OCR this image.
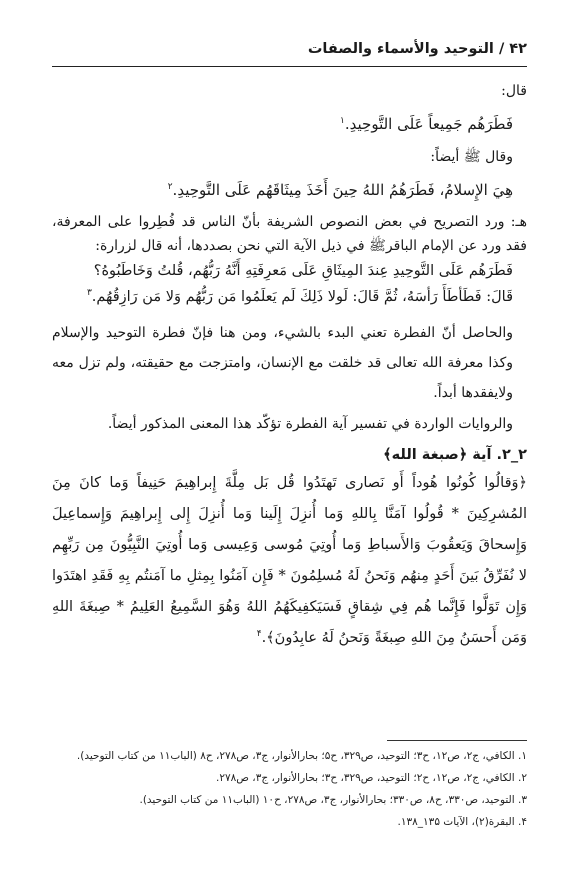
۴۲ / التوحيد والأسماء والصفات

قال:

فَطَرَهُم جَمِيعاً عَلَى التَّوحِيدِ.$^۱$

وقال ﷺ أيضاً:

هِيَ الإِسلامُ، فَطَرَهُمُ اللهُ حِينَ أَخَذَ مِيثَاقَهُم عَلَى التَّوحِيدِ.$^۲$

هـ: ورد التصريح في بعض النصوص الشريفة بأنّ الناس قد فُطِروا على المعرفة، فقد ورد عن الإمام الباقرﷺ في ذيل الآية التي نحن بصددها، أنه قال لزرارة:

فَطَرَهُم عَلَى التَّوحِيدِ عِندَ المِيثَاقِ عَلَى مَعرِفَتِهِ أَنَّهُ رَبُّهُم، قُلتُ وَخَاطَبُوهُ؟

قَالَ: فَطَأطَأَ رَأسَهُ، ثُمَّ قَالَ: لَولا ذَلِكَ لَم يَعلَمُوا مَن رَبُّهُم وَلا مَن رَازِقُهُم.$^۳$

والحاصل أنّ الفطرة تعني البدء بالشيء، ومن هنا فإنّ فطرة التوحيد والإسلام وكذا معرفة الله تعالى قد خلقت مع الإنسان، وامتزجت مع حقيقته، ولم تزل معه ولايفقدها أبداً.

والروايات الواردة في تفسير آية الفطرة تؤكّد هذا المعنى المذكور أيضاً.

۲_۲. آية ﴿صبغة الله﴾

﴿وَقالُوا كُونُوا هُوداً أَو نَصارى تَهتَدُوا قُل بَل مِلَّةَ إِبراهِيمَ حَنِيفاً وَما كانَ مِنَ المُشرِكِينَ * قُولُوا آمَنَّا بِاللهِ وَما أُنزِلَ إِلَينا وَما أُنزِلَ إِلى إِبراهِيمَ وَإِسماعِيلَ وَإِسحاقَ وَيَعقُوبَ وَالأَسباطِ وَما أُوتِيَ مُوسى وَعِيسى وَما أُوتِيَ النَّبِيُّونَ مِن رَبِّهِم لا نُفَرِّقُ بَينَ أَحَدٍ مِنهُم وَنَحنُ لَهُ مُسلِمُونَ * فَإِن آمَنُوا بِمِثلِ ما آمَنتُم بِهِ فَقَدِ اهتَدَوا وَإِن تَوَلَّوا فَإِنَّما هُم فِي شِقاقٍ فَسَيَكفِيكَهُمُ اللهُ وَهُوَ السَّمِيعُ العَلِيمُ * صِبغَةَ اللهِ وَمَن أَحسَنُ مِنَ اللهِ صِبغَةً وَنَحنُ لَهُ عابِدُونَ﴾.$^۴$

۱. الكافي، ج۲، ص۱۲، ح۳؛ التوحيد، ص۳۲۹، ح۵؛ بحارالأنوار، ج۳، ص۲۷۸، ح۸ (الباب۱۱ من كتاب التوحيد).

۲. الكافي، ج۲، ص۱۲، ح۲؛ التوحيد، ص۳۲۹، ح۳؛ بحارالأنوار، ج۳، ص۲۷۸.

۳. التوحيد، ص۳۳۰، ح۸، ص۳۳۰؛ بحارالأنوار، ج۳، ص۲۷۸، ح۱۰ (الباب۱۱ من كتاب التوحيد).

۴. البقرة(۲)، الآيات ۱۳۵_۱۳۸.
